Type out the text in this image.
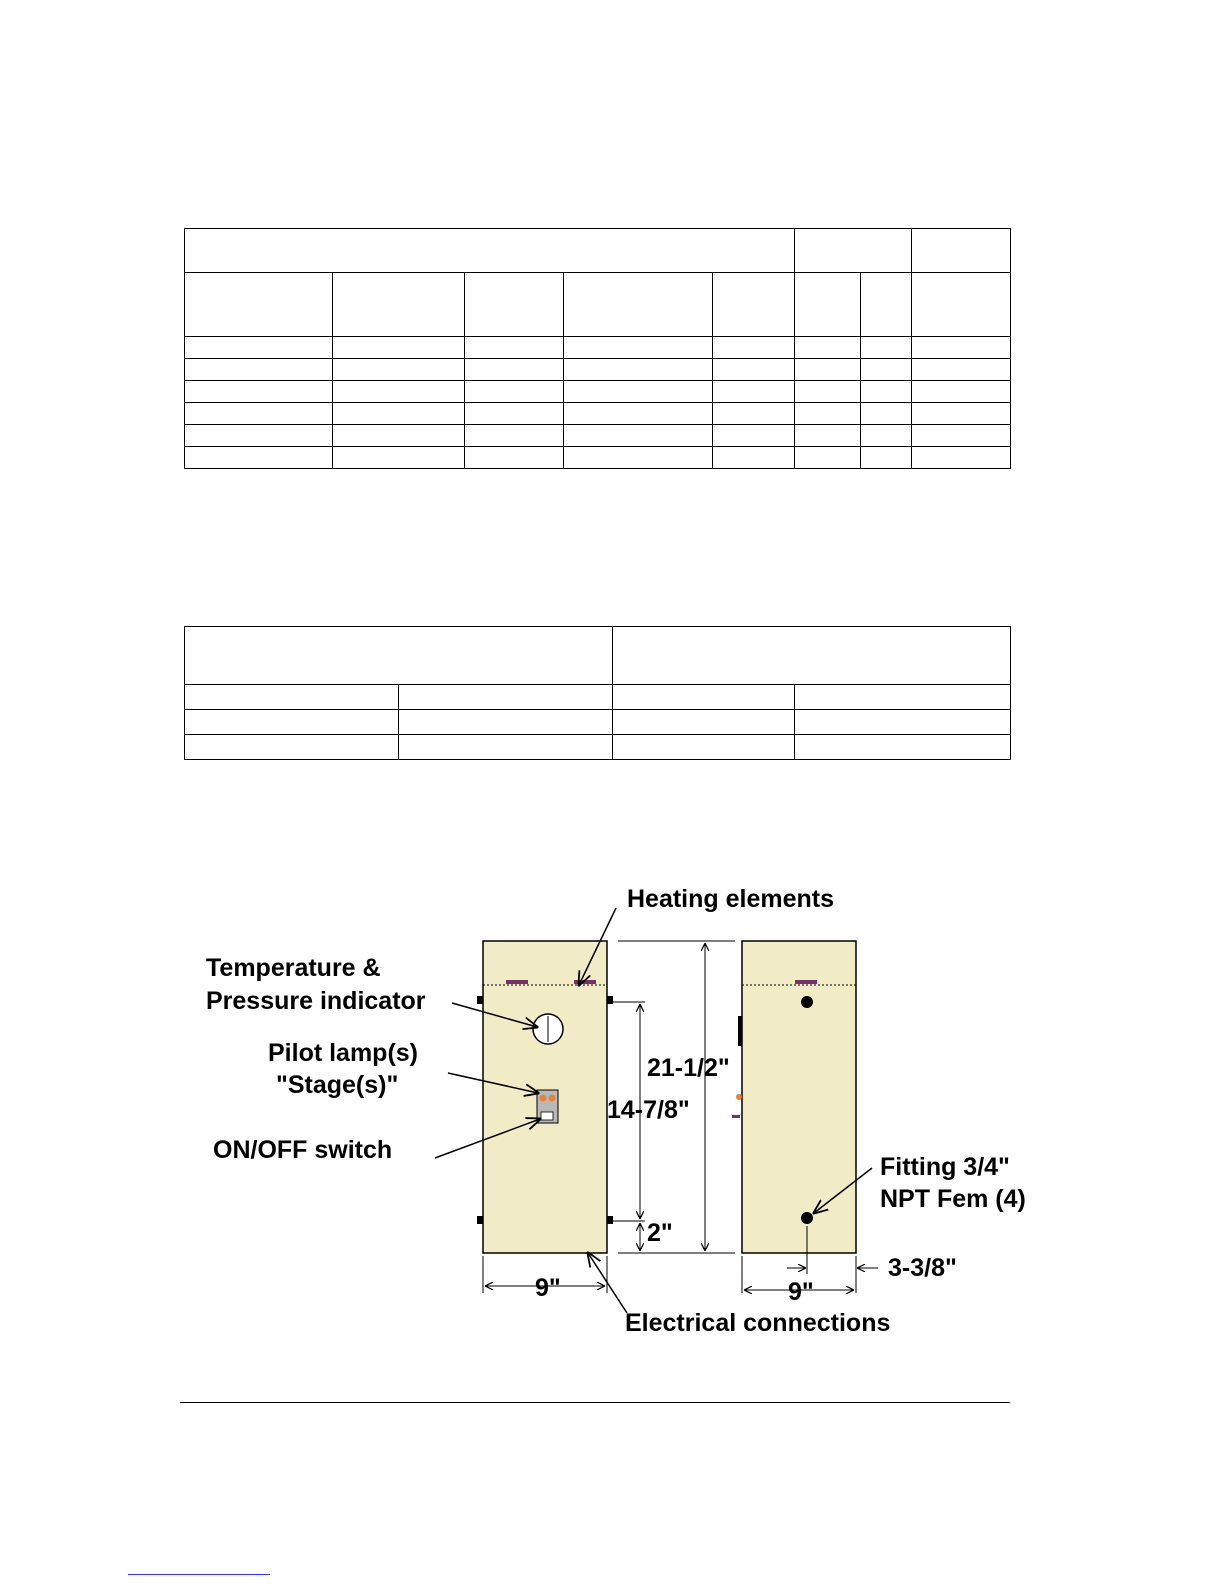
Heating elements
Temperature & Pressure indicator
Pilot lamp(s) "Stage(s)"
ON/OFF switch
Fitting 3/4" NPT Fem (4)
Electrical connections
21-1/2"
14-7/8"
2"
9"	9"
3-3/8"
